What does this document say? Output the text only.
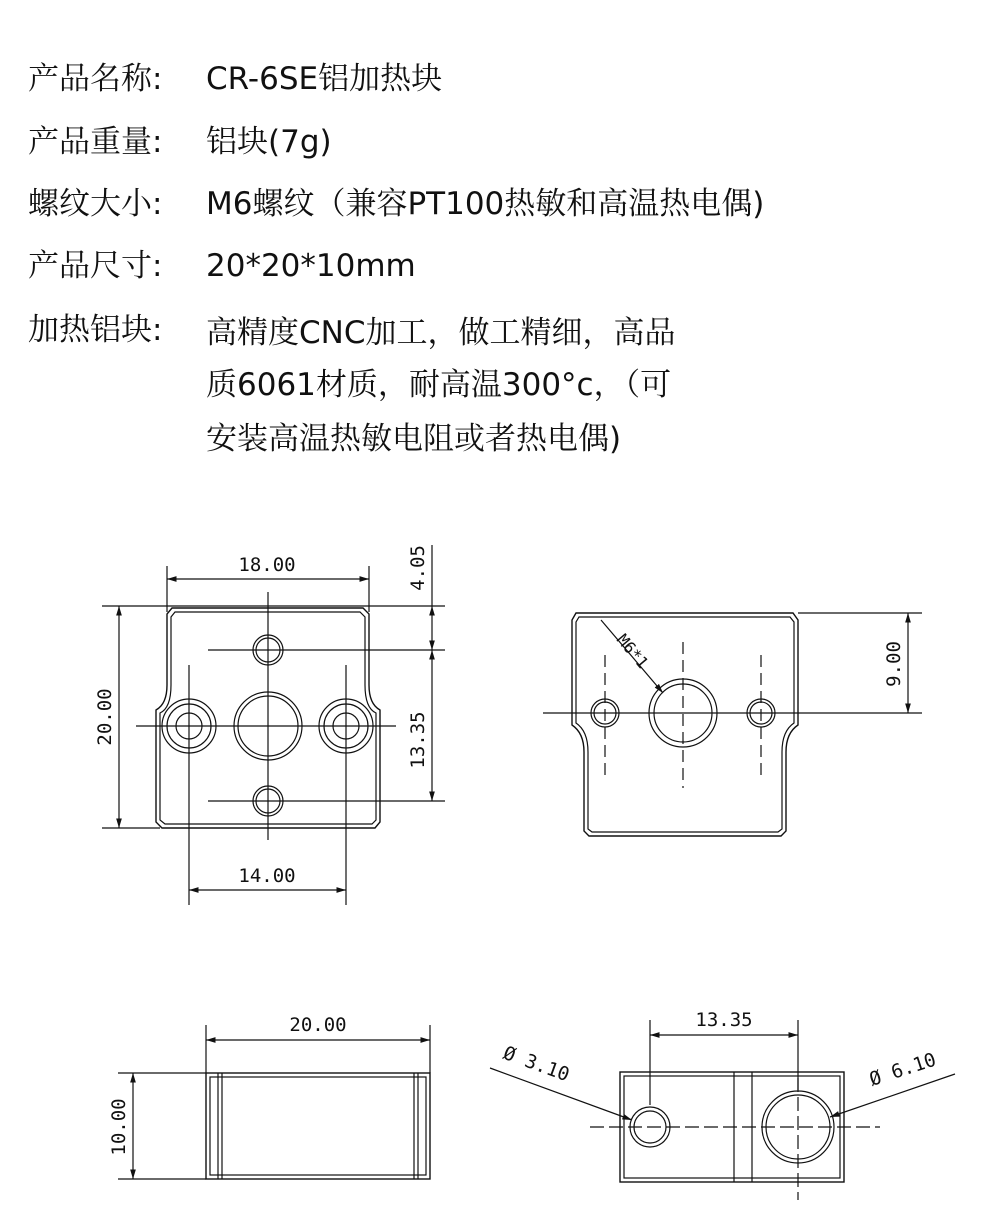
产品名称: CR-6SE铝加热块
产品重量: 铝块(7g)
螺纹大小: M6螺纹（兼容PT100热敏和高温热电偶)
产品尺寸: 20*20*10mm
加热铝块: 高精度CNC加工，做工精细，高品
质6061材质，耐高温300°c，（可
安装高温热敏电阻或者热电偶)
18.00
14.00
20.00
4.05
13.35
9.00
M6*1
20.00
10.00
13.35
Ø 3.10	Ø 6.10
